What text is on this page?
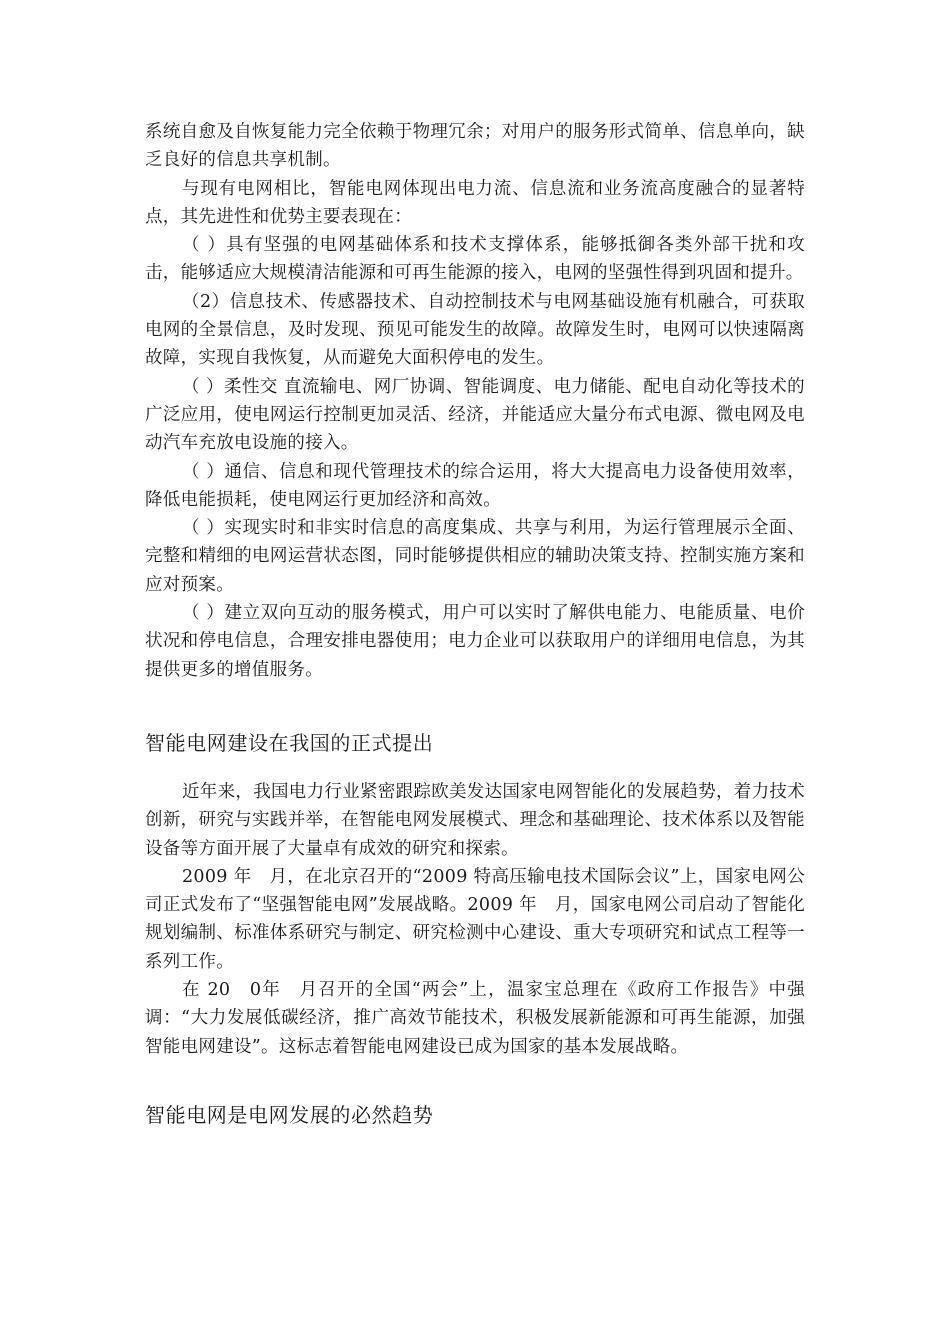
系统自愈及自恢复能力完全依赖于物理冗余；对用户的服务形式简单、信息单向，缺乏良好的信息共享机制。

与现有电网相比，智能电网体现出电力流、信息流和业务流高度融合的显著特点，其先进性和优势主要表现在：

（ ）具有坚强的电网基础体系和技术支撑体系，能够抵御各类外部干扰和攻击，能够适应大规模清洁能源和可再生能源的接入，电网的坚强性得到巩固和提升。

（2）信息技术、传感器技术、自动控制技术与电网基础设施有机融合，可获取电网的全景信息，及时发现、预见可能发生的故障。故障发生时，电网可以快速隔离故障，实现自我恢复，从而避免大面积停电的发生。

（ ）柔性交 直流输电、网厂协调、智能调度、电力储能、配电自动化等技术的广泛应用，使电网运行控制更加灵活、经济，并能适应大量分布式电源、微电网及电动汽车充放电设施的接入。

（ ）通信、信息和现代管理技术的综合运用，将大大提高电力设备使用效率，降低电能损耗，使电网运行更加经济和高效。

（ ）实现实时和非实时信息的高度集成、共享与利用，为运行管理展示全面、完整和精细的电网运营状态图，同时能够提供相应的辅助决策支持、控制实施方案和应对预案。

（ ）建立双向互动的服务模式，用户可以实时了解供电能力、电能质量、电价状况和停电信息，合理安排电器使用；电力企业可以获取用户的详细用电信息，为其提供更多的增值服务。

智能电网建设在我国的正式提出

近年来，我国电力行业紧密跟踪欧美发达国家电网智能化的发展趋势，着力技术创新，研究与实践并举，在智能电网发展模式、理念和基础理论、技术体系以及智能设备等方面开展了大量卓有成效的研究和探索。

2009 年　月，在北京召开的“2009 特高压输电技术国际会议”上，国家电网公司正式发布了“坚强智能电网”发展战略。2009 年　月，国家电网公司启动了智能化规划编制、标准体系研究与制定、研究检测中心建设、重大专项研究和试点工程等一系列工作。

在 20　0年　月召开的全国“两会”上，温家宝总理在《政府工作报告》中强调：“大力发展低碳经济，推广高效节能技术，积极发展新能源和可再生能源，加强智能电网建设”。这标志着智能电网建设已成为国家的基本发展战略。

智能电网是电网发展的必然趋势
